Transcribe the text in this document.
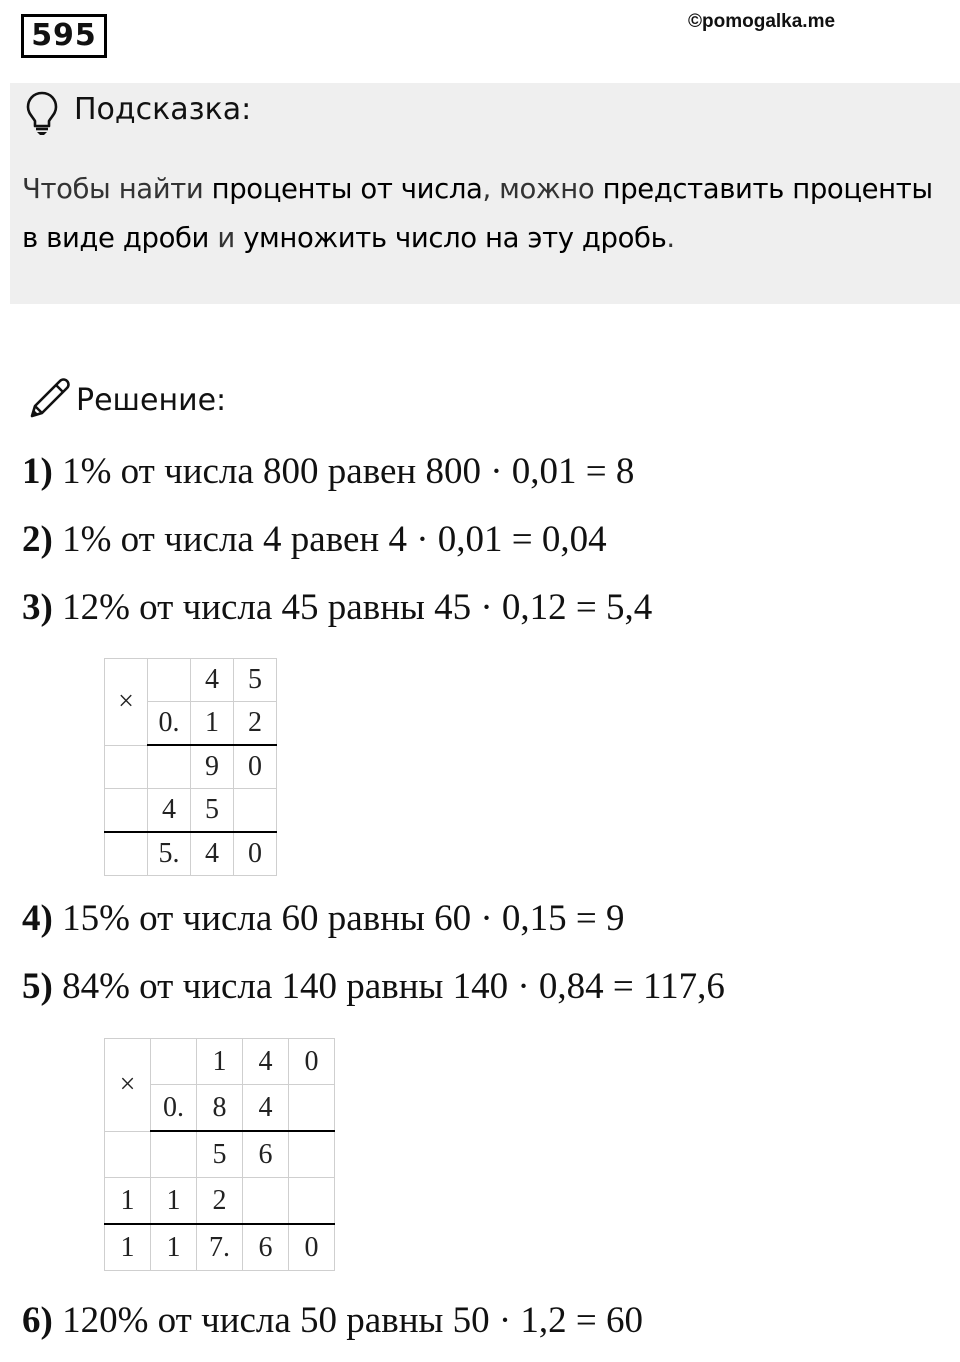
595	©pomogalka.me
Подсказка:
Чтобы найти проценты от числа, можно представить проценты в виде дроби и умножить число на эту дробь.
Решение:
1) 1% от числа 800 равен 800 · 0,01 = 8
2) 1% от числа 4 равен 4 · 0,01 = 0,04
3) 12% от числа 45 равны 45 · 0,12 = 5,4
×		4	5
	0.	1	2
		9	0
	4	5	
	5.	4	0
4) 15% от числа 60 равны 60 · 0,15 = 9
5) 84% от числа 140 равны 140 · 0,84 = 117,6
×		1	4	0
	0.	8	4	
		5	6	
1	1	2		
1	1	7.	6	0
6) 120% от числа 50 равны 50 · 1,2 = 60
